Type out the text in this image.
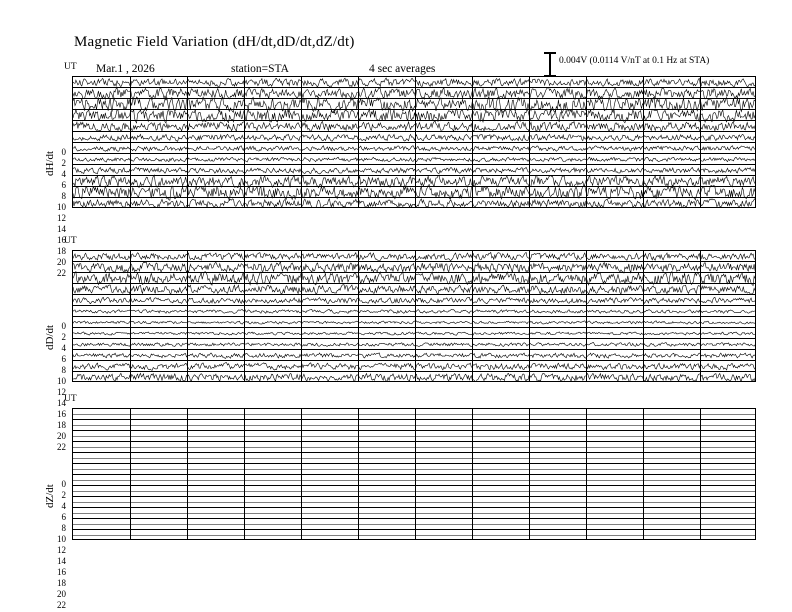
Magnetic Field Variation (dH/dt,dD/dt,dZ/dt)
Mar.1 , 2026	station=STA	4 sec averages
0.004V (0.0114 V/nT at 0.1 Hz at STA)
UT
dH/dt 0
2
4
6
8
10
12
14
16
18
20
22
UT
dD/dt 0
2
4
6
8
10
12
14
16
18
20
22
UT
dZ/dt
0
2
4
6
8
10
12
14
16
18
20
22
